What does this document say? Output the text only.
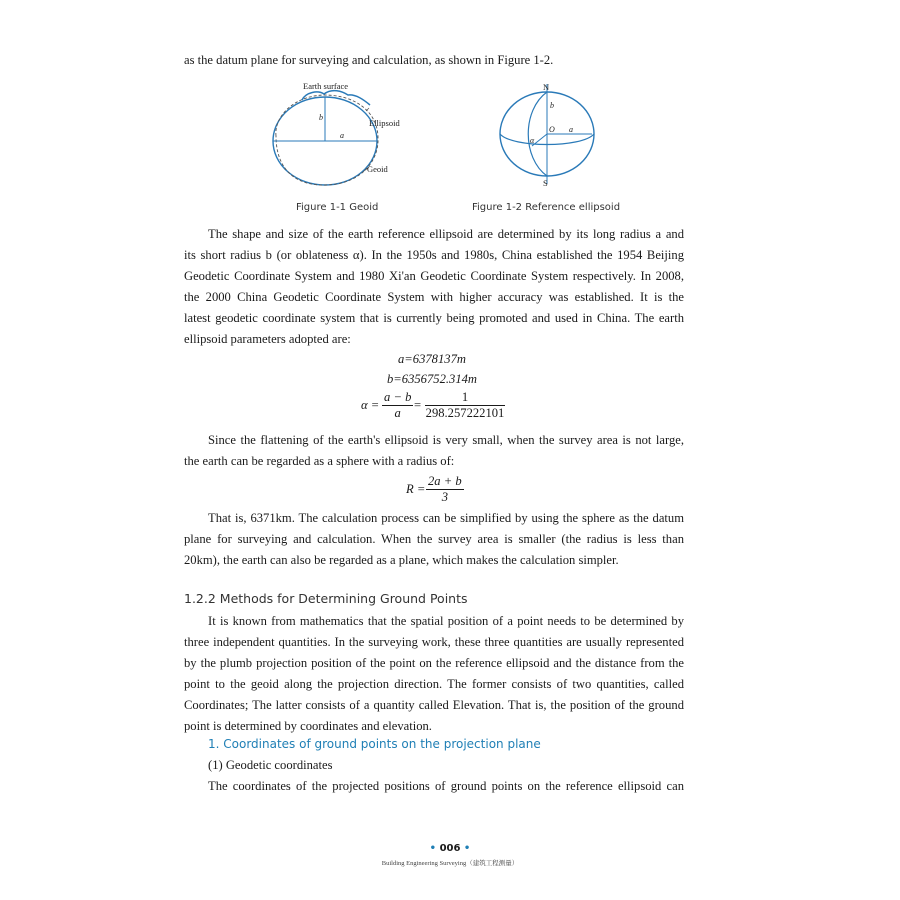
as the datum plane for surveying and calculation, as shown in Figure 1-2.
Earth surface
Ellipsoid
Geoid
b
a
Figure 1-1 Geoid
N
S
O a
b
α
Figure 1-2 Reference ellipsoid
The shape and size of the earth reference ellipsoid are determined by its long radius a and
its short radius b (or oblateness α). In the 1950s and 1980s, China established the 1954 Beijing
Geodetic Coordinate System and 1980 Xi'an Geodetic Coordinate System respectively. In 2008,
the 2000 China Geodetic Coordinate System with higher accuracy was established. It is the
latest geodetic coordinate system that is currently being promoted and used in China. The earth
ellipsoid parameters adopted are:
a=6378137m
b=6356752.314m
$\alpha = \frac{a - b}{a} = \frac{1}{298.257222101}$
Since the flattening of the earth's ellipsoid is very small, when the survey area is not large,
the earth can be regarded as a sphere with a radius of:
$R = \frac{2a + b}{3}$
That is, 6371km. The calculation process can be simplified by using the sphere as the datum
plane for surveying and calculation. When the survey area is smaller (the radius is less than
20km), the earth can also be regarded as a plane, which makes the calculation simpler.
1.2.2 Methods for Determining Ground Points
It is known from mathematics that the spatial position of a point needs to be determined by
three independent quantities. In the surveying work, these three quantities are usually represented
by the plumb projection position of the point on the reference ellipsoid and the distance from the
point to the geoid along the projection direction. The former consists of two quantities, called
Coordinates; The latter consists of a quantity called Elevation. That is, the position of the ground
point is determined by coordinates and elevation.
1. Coordinates of ground points on the projection plane
(1) Geodetic coordinates
The coordinates of the projected positions of ground points on the reference ellipsoid can
• 006 •
Building Engineering Surveying（建筑工程测量）
